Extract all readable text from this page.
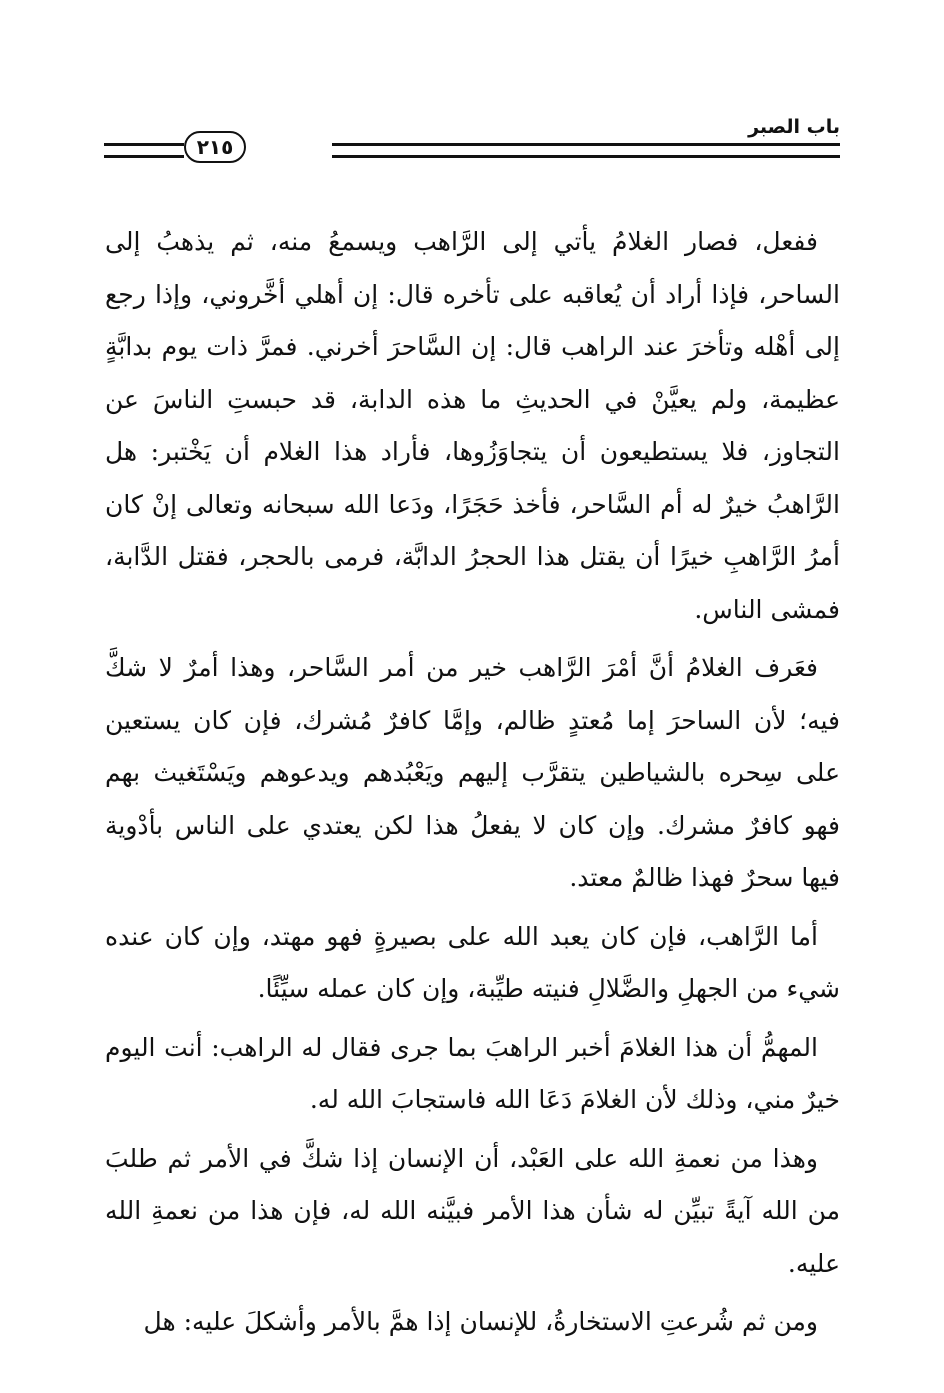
باب الصبر
٢١٥

ففعل، فصار الغلامُ يأتي إلى الرَّاهب ويسمعُ منه، ثم يذهبُ إلى الساحر، فإذا أراد أن يُعاقبه على تأخره قال: إن أهلي أخَّروني، وإذا رجع إلى أهْله وتأخرَ عند الراهب قال: إن السَّاحرَ أخرني. فمرَّ ذات يوم بدابَّةٍ عظيمة، ولم يعيَّنْ في الحديثِ ما هذه الدابة، قد حبستِ الناسَ عن التجاوز، فلا يستطيعون أن يتجاوَزُوها، فأراد هذا الغلام أن يَخْتبر: هل الرَّاهبُ خيرٌ له أم السَّاحر، فأخذ حَجَرًا، ودَعا الله سبحانه وتعالى إنْ كان أمرُ الرَّاهبِ خيرًا أن يقتل هذا الحجرُ الدابَّة، فرمى بالحجر، فقتل الدَّابة، فمشى الناس.

فعَرف الغلامُ أنَّ أمْرَ الرَّاهب خير من أمر السَّاحر، وهذا أمرٌ لا شكَّ فيه؛ لأن الساحرَ إما مُعتدٍ ظالم، وإمَّا كافرٌ مُشرك، فإن كان يستعين على سِحره بالشياطين يتقرَّب إليهم ويَعْبُدهم ويدعوهم ويَسْتَغيث بهم فهو كافرٌ مشرك. وإن كان لا يفعلُ هذا لكن يعتدي على الناس بأدْوية فيها سحرٌ فهذا ظالمٌ معتد.

أما الرَّاهب، فإن كان يعبد الله على بصيرةٍ فهو مهتد، وإن كان عنده شيء من الجهلِ والضَّلالِ فنيته طيِّبة، وإن كان عمله سيِّئًا.

المهمُّ أن هذا الغلامَ أخبر الراهبَ بما جرى فقال له الراهب: أنت اليوم خيرٌ مني، وذلك لأن الغلامَ دَعَا الله فاستجابَ الله له.

وهذا من نعمةِ الله على العَبْد، أن الإنسان إذا شكَّ في الأمر ثم طلبَ من الله آيةً تبيِّن له شأن هذا الأمر فبيَّنه الله له، فإن هذا من نعمةِ الله عليه.

ومن ثم شُرعتِ الاستخارةُ، للإنسان إذا همَّ بالأمر وأشكلَ عليه: هل
